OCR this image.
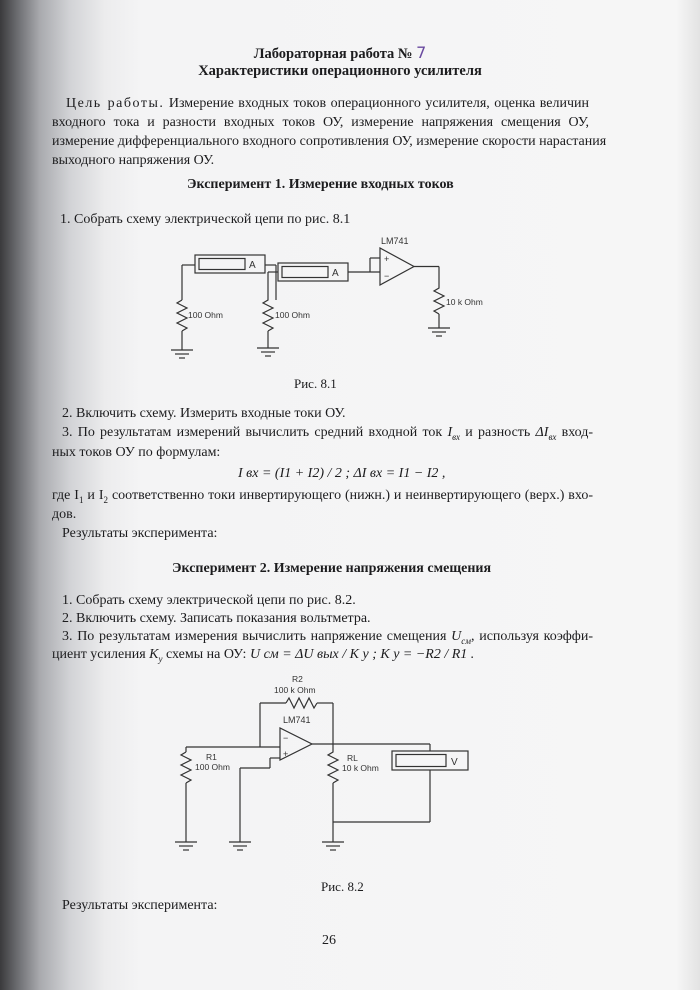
Лабораторная работа № 7
Характеристики операционного усилителя
Цель работы. Измерение входных токов операционного усилителя, оценка величин
входного тока и разности входных токов ОУ, измерение напряжения смещения ОУ,
измерение дифференциального входного сопротивления ОУ, измерение скорости нарастания
выходного напряжения ОУ.
Эксперимент 1. Измерение входных токов
1. Собрать схему электрической цепи по рис. 8.1
LM741
+
−
A
A
100 Ohm	100 Ohm
10 k Ohm
Рис. 8.1
2. Включить схему. Измерить входные токи ОУ.
3. По результатам измерений вычислить средний входной ток $I_{вх}$ и разность $\Delta I_{вх}$ вход-
ных токов ОУ по формулам:
I вх = (I1 + I2) / 2 ; ΔI вх = I1 − I2 ,
где $I_1$ и $I_2$ соответственно токи инвертирующего (нижн.) и неинвертирующего (верх.) вхо-
дов.
Результаты эксперимента:
Эксперимент 2. Измерение напряжения смещения
1. Собрать схему электрической цепи по рис. 8.2.
2. Включить схему. Записать показания вольтметра.
3. По результатам измерения вычислить напряжение смещения $U_{см}$, используя коэффи-
циент усиления $K_y$ схемы на ОУ: U см = ΔU вых / K y ; K y = −R2 / R1 .
R2
100 k Ohm
LM741
−
+
R1
100 Ohm
RL
10 k Ohm	V
Рис. 8.2
Результаты эксперимента:
26
